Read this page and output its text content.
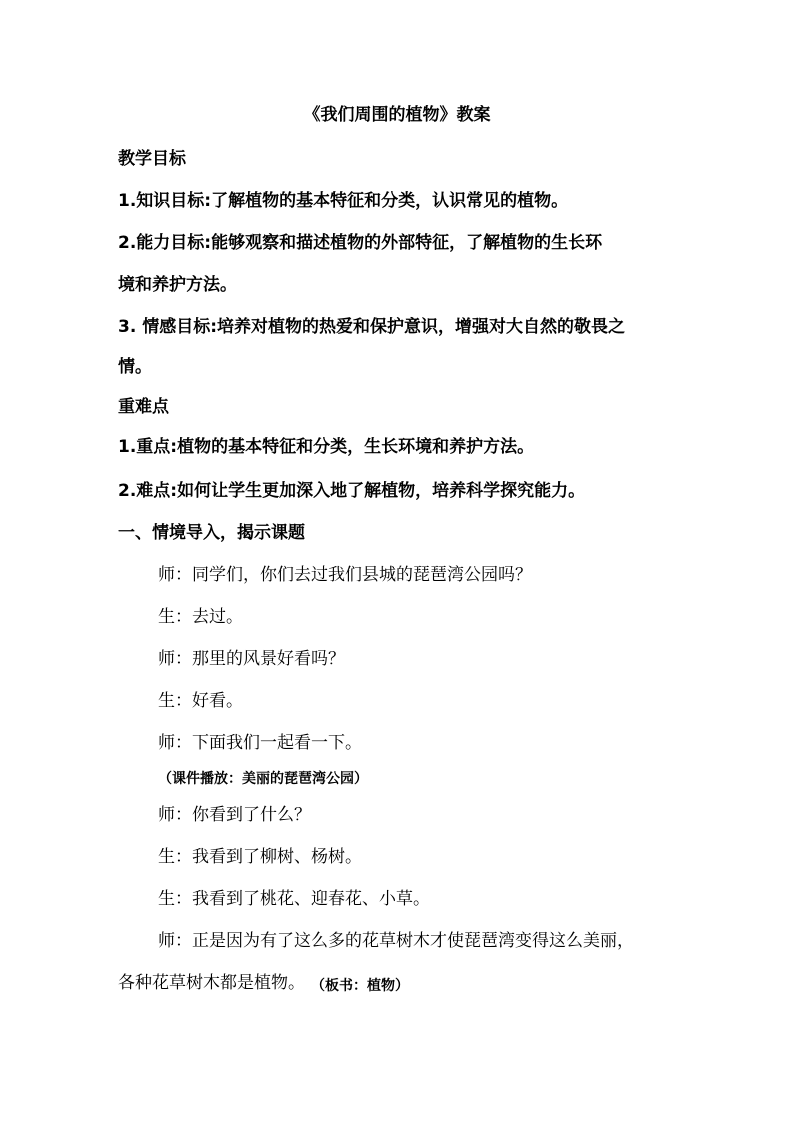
《我们周围的植物》教案
教学目标
1.知识目标:了解植物的基本特征和分类，认识常见的植物。
2.能力目标:能够观察和描述植物的外部特征，了解植物的生长环
境和养护方法。
3. 情感目标:培养对植物的热爱和保护意识，增强对大自然的敬畏之
情。
重难点
1.重点:植物的基本特征和分类，生长环境和养护方法。
2.难点:如何让学生更加深入地了解植物，培养科学探究能力。
一、情境导入，揭示课题
师：同学们，你们去过我们县城的琵琶湾公园吗？
生：去过。
师：那里的风景好看吗？
生：好看。
师：下面我们一起看一下。
（课件播放：美丽的琵琶湾公园）
师：你看到了什么？
生：我看到了柳树、杨树。
生：我看到了桃花、迎春花、小草。
师：正是因为有了这么多的花草树木才使琵琶湾变得这么美丽，
各种花草树木都是植物。 （板书：植物）
